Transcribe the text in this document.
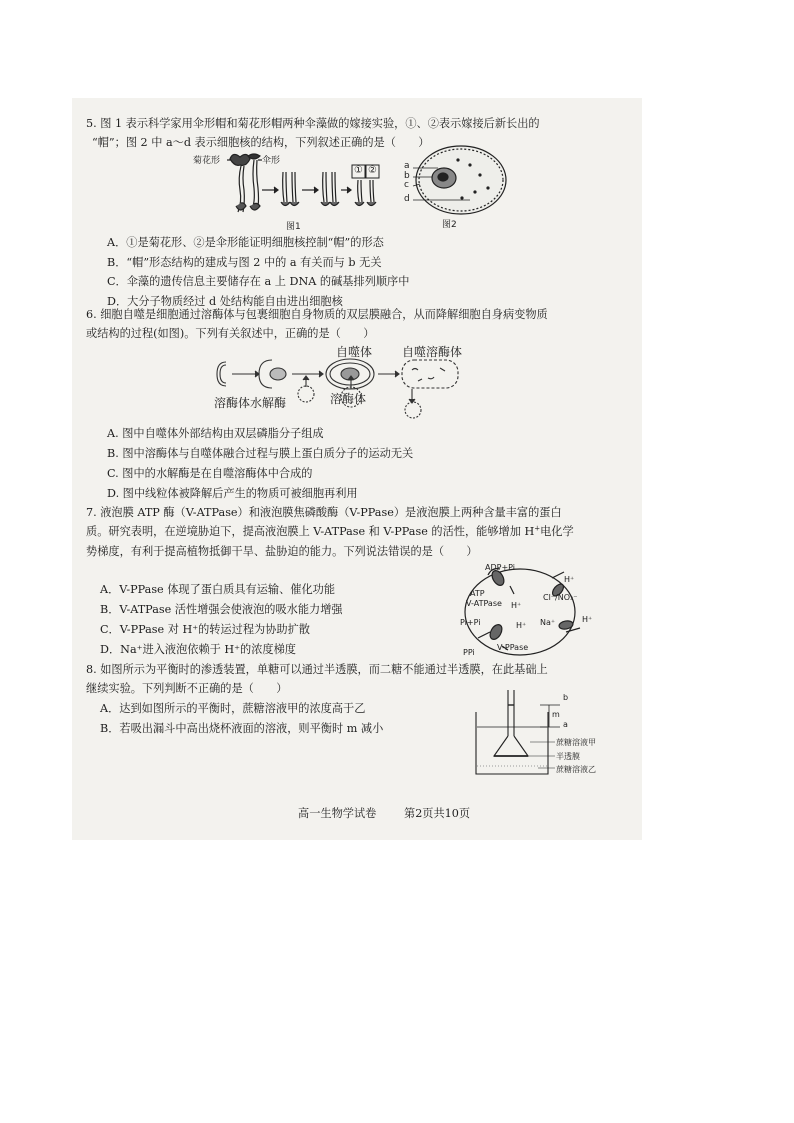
5. 图 1 表示科学家用伞形帽和菊花形帽两种伞藻做的嫁接实验，①、②表示嫁接后新长出的
“帽”；图 2 中 a～d 表示细胞核的结构，下列叙述正确的是（　　）
菊花形	伞形
① ②
图1
a
b
c
d
图2
A．①是菊花形、②是伞形能证明细胞核控制“帽”的形态
B．“帽”形态结构的建成与图 2 中的 a 有关而与 b 无关
C．伞藻的遗传信息主要储存在 a 上 DNA 的碱基排列顺序中
D．大分子物质经过 d 处结构能自由进出细胞核
6. 细胞自噬是细胞通过溶酶体与包裹细胞自身物质的双层膜融合，从而降解细胞自身病变物质
或结构的过程(如图)。下列有关叙述中，正确的是（　　）
自噬体 自噬溶酶体
溶酶体水解酶	溶酶体
A. 图中自噬体外部结构由双层磷脂分子组成
B. 图中溶酶体与自噬体融合过程与膜上蛋白质分子的运动无关
C. 图中的水解酶是在自噬溶酶体中合成的
D. 图中线粒体被降解后产生的物质可被细胞再利用
7. 液泡膜 ATP 酶（V-ATPase）和液泡膜焦磷酸酶（V-PPase）是液泡膜上两种含量丰富的蛋白
质。研究表明，在逆境胁迫下，提高液泡膜上 V-ATPase 和 V-PPase 的活性，能够增加 H+电化学
势梯度，有利于提高植物抵御干旱、盐胁迫的能力。下列说法错误的是（　　）
ADP+Pi
ATP
V-ATPase H⁺
H⁺
Cl⁻/NO₃⁻
Na⁺	H⁺
Pi+Pi	H⁺
PPi
V-PPase
A．V-PPase 体现了蛋白质具有运输、催化功能
B．V-ATPase 活性增强会使液泡的吸水能力增强
C．V-PPase 对 H⁺的转运过程为协助扩散
D．Na⁺进入液泡依赖于 H⁺的浓度梯度
8. 如图所示为平衡时的渗透装置，单糖可以通过半透膜，而二糖不能通过半透膜，在此基础上
继续实验。下列判断不正确的是（　　）
A．达到如图所示的平衡时，蔗糖溶液甲的浓度高于乙
B．若吸出漏斗中高出烧杯液面的溶液，则平衡时 m 减小
b
m
a
蔗糖溶液甲
半透膜
蔗糖溶液乙
高一生物学试卷 第2页共10页
